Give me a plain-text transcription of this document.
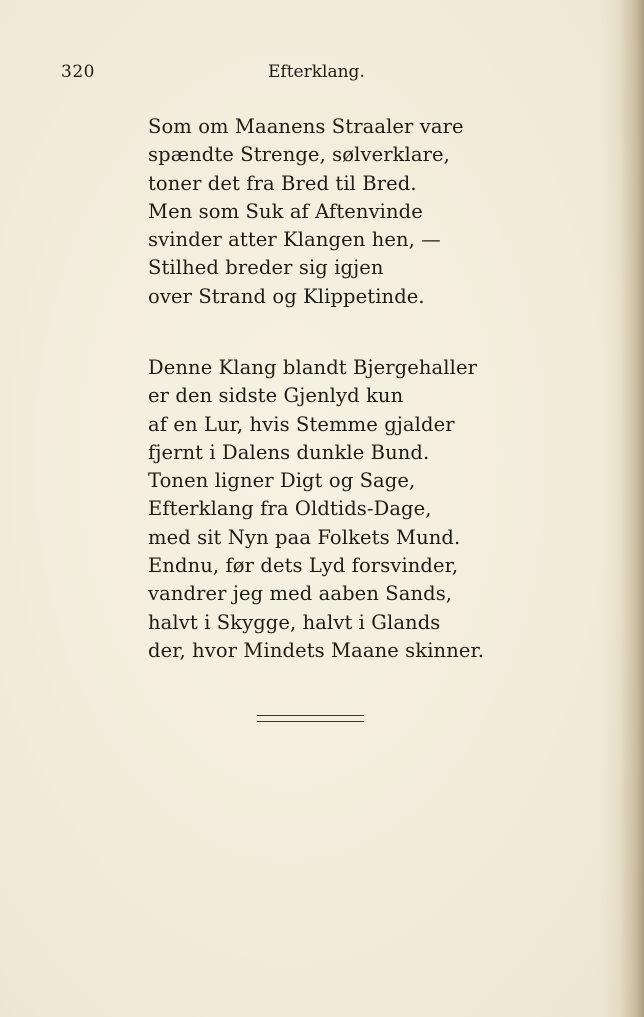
320	Efterklang.
Som om Maanens Straaler vare
spændte Strenge, sølverklare,
toner det fra Bred til Bred.
Men som Suk af Aftenvinde
svinder atter Klangen hen, —
Stilhed breder sig igjen
over Strand og Klippetinde.
Denne Klang blandt Bjergehaller
er den sidste Gjenlyd kun
af en Lur, hvis Stemme gjalder
fjernt i Dalens dunkle Bund.
Tonen ligner Digt og Sage,
Efterklang fra Oldtids-Dage,
med sit Nyn paa Folkets Mund.
Endnu, før dets Lyd forsvinder,
vandrer jeg med aaben Sands,
halvt i Skygge, halvt i Glands
der, hvor Mindets Maane skinner.
